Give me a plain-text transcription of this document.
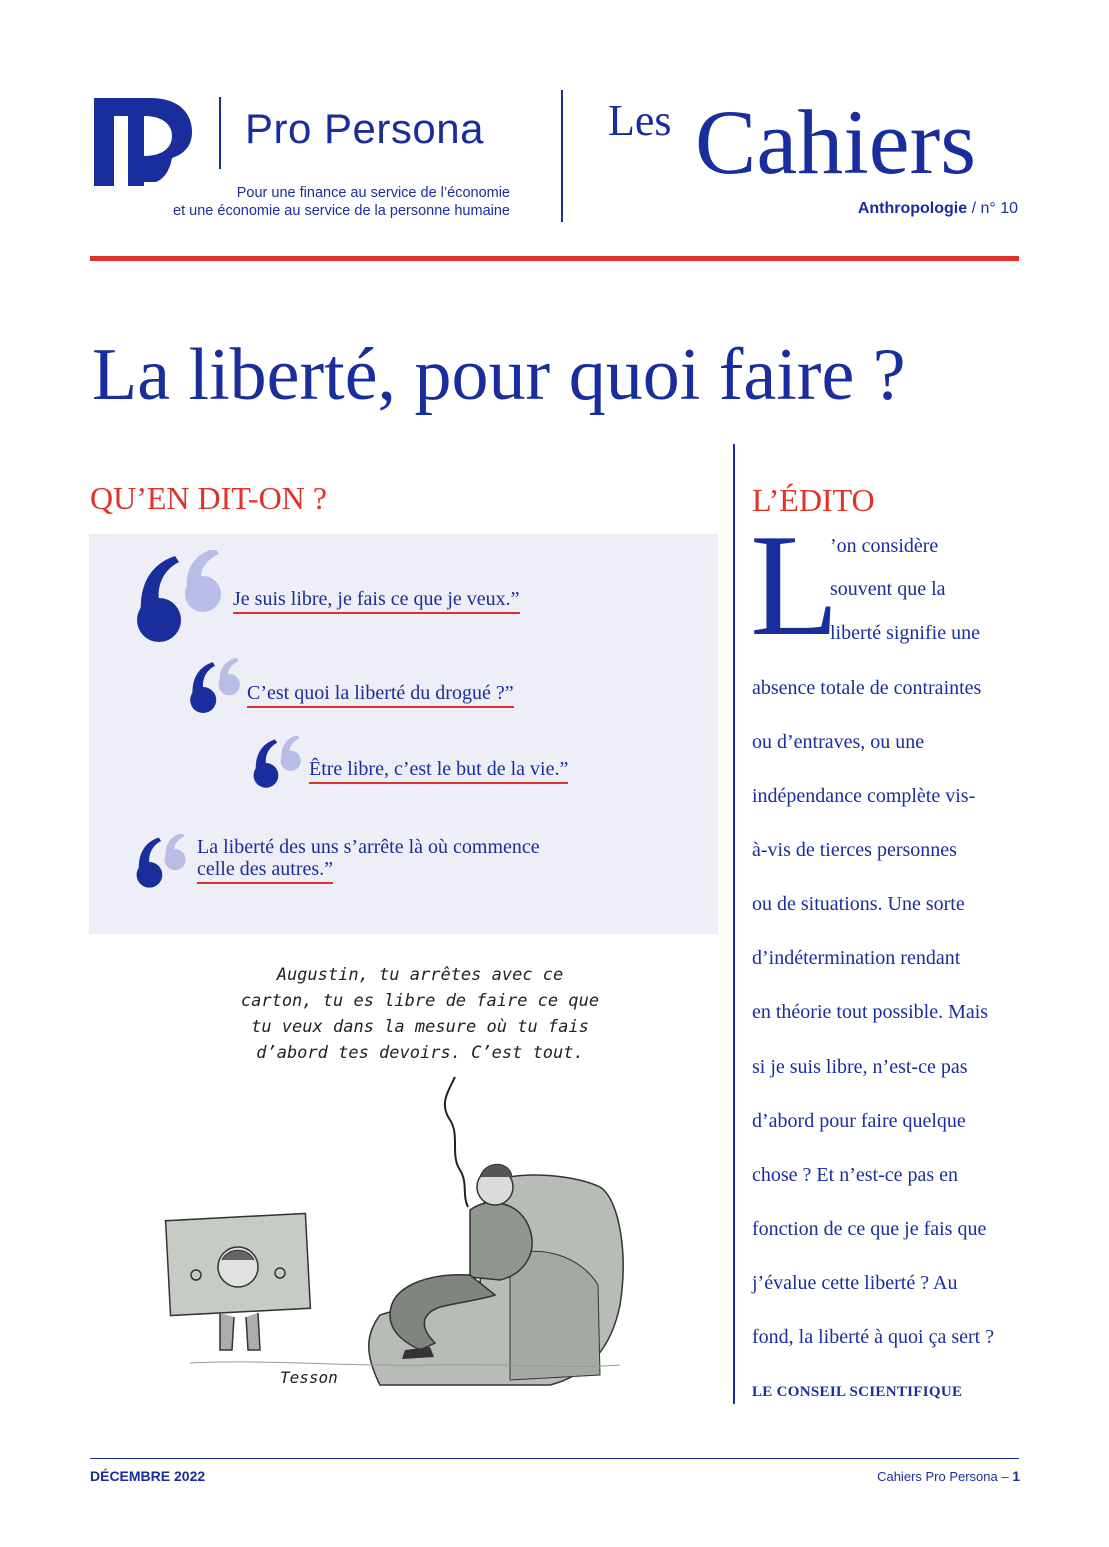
Pro Persona
Pour une finance au service de l’économie
et une économie au service de la personne humaine
Les Cahiers
Anthropologie / n° 10
La liberté, pour quoi faire ?
QU’EN DIT-ON ?
Je suis libre, je fais ce que je veux.”
C’est quoi la liberté du drogué ?”
Être libre, c’est le but de la vie.”
La liberté des uns s’arrête là où commence
celle des autres.”
Augustin, tu arrêtes avec ce
carton, tu es libre de faire ce que
tu veux dans la mesure où tu fais
d’abord tes devoirs. C’est tout.
Tesson
L’ÉDITO
L
’on considère
souvent que la
liberté signifie une
absence totale de contraintes
ou d’entraves, ou une
indépendance complète vis-
à-vis de tierces personnes
ou de situations. Une sorte
d’indétermination rendant
en théorie tout possible. Mais
si je suis libre, n’est-ce pas
d’abord pour faire quelque
chose ? Et n’est-ce pas en
fonction de ce que je fais que
j’évalue cette liberté ? Au
fond, la liberté à quoi ça sert ?
LE CONSEIL SCIENTIFIQUE
DÉCEMBRE 2022	Cahiers Pro Persona – 1
